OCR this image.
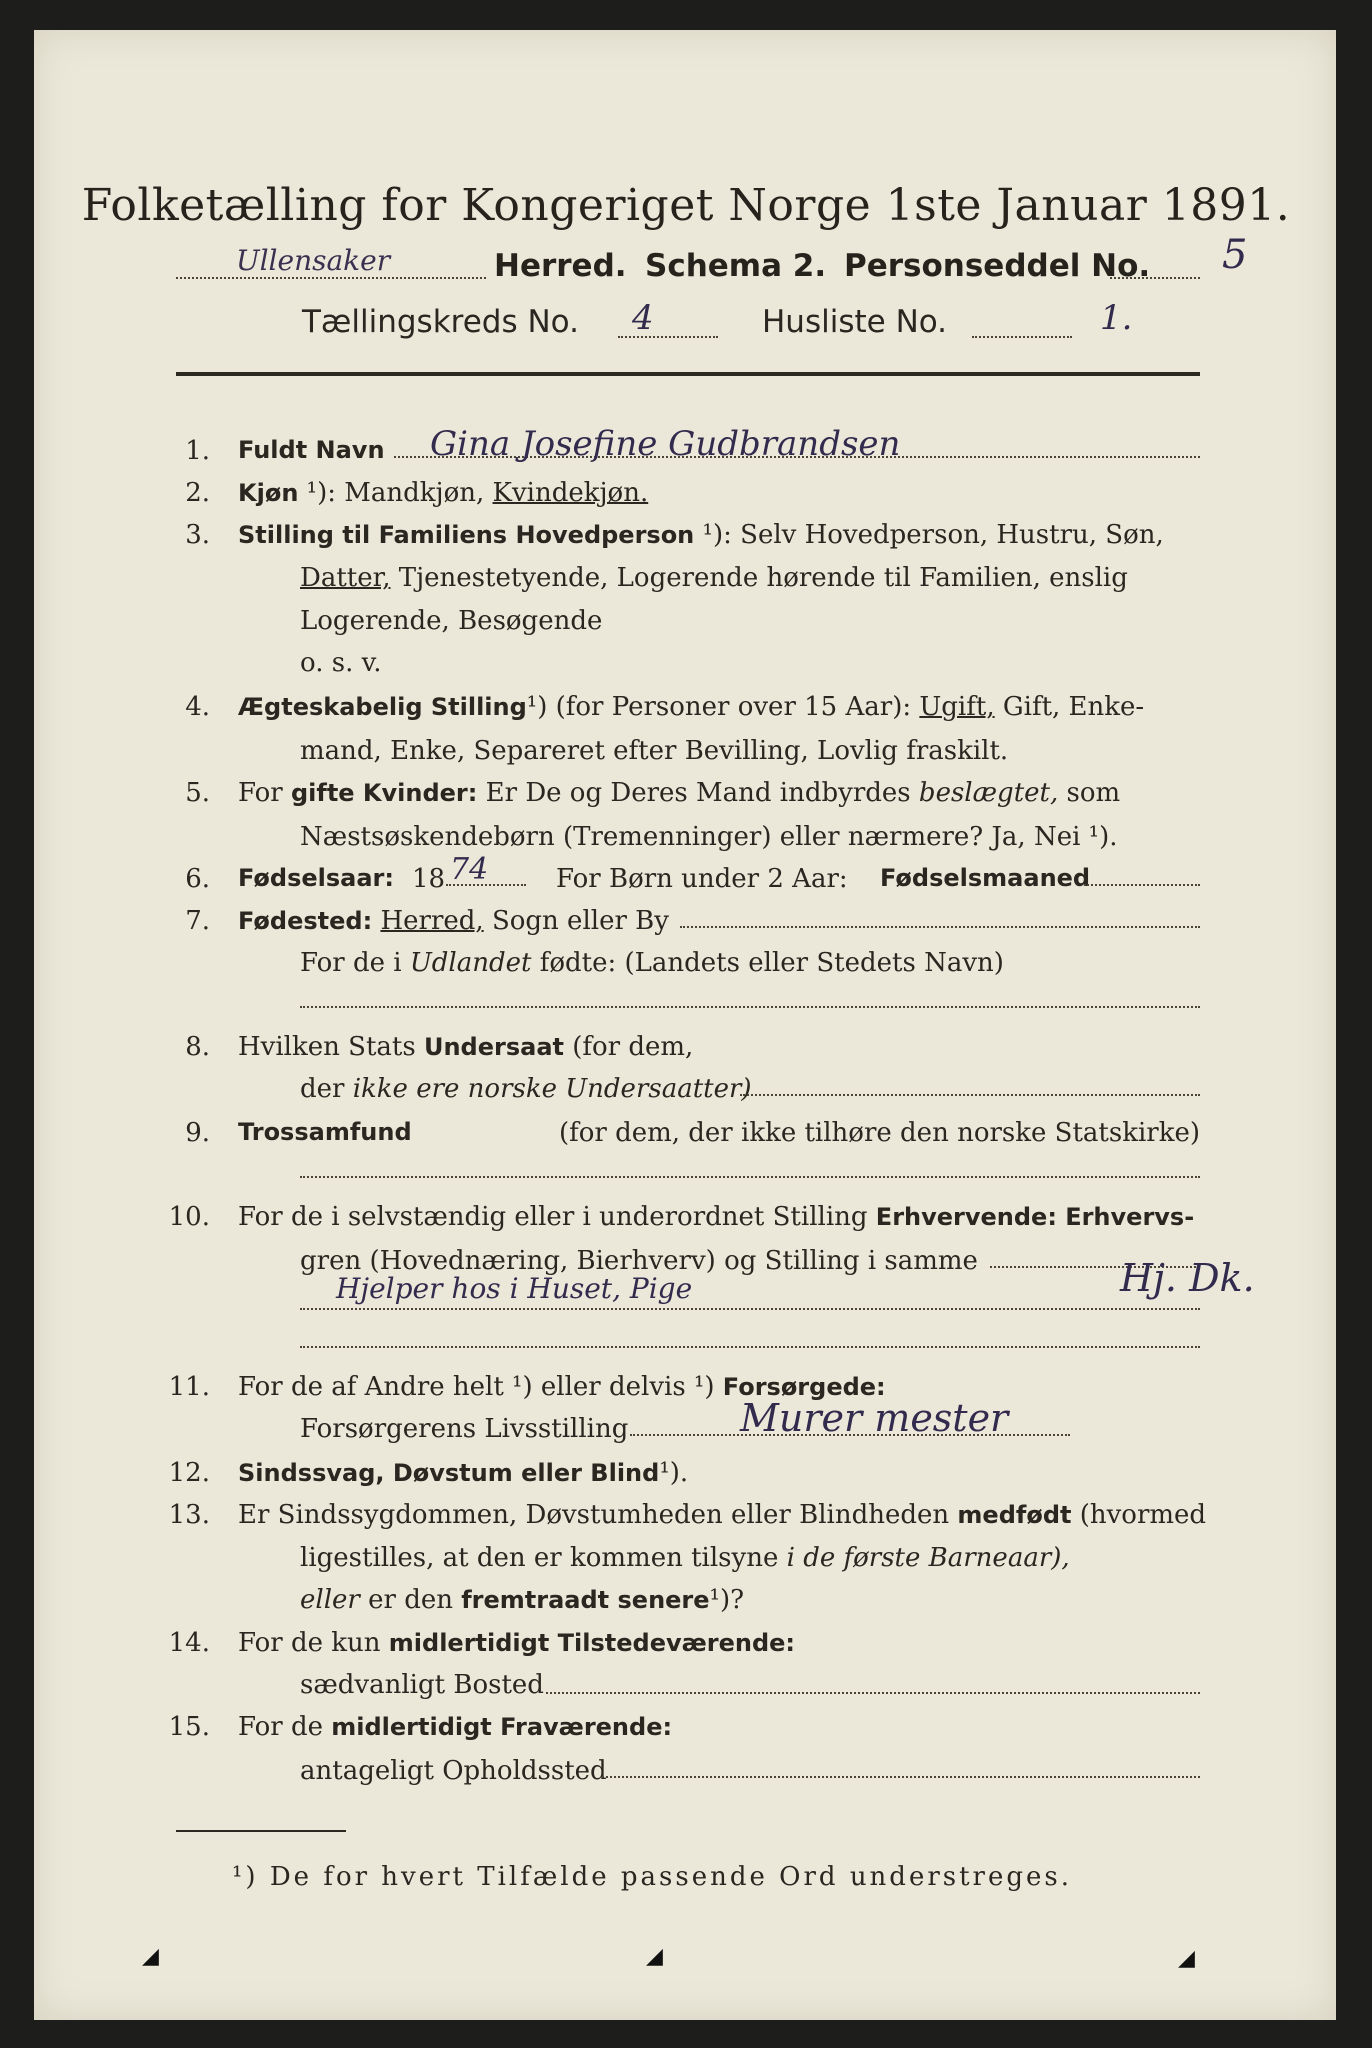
Folketælling for Kongeriget Norge 1ste Januar 1891.
Ullensaker	Herred. Schema 2. Personseddel No. 5
Tællingskreds No. 4	Husliste No.	1.
1. Fuldt Navn Gina Josefine Gudbrandsen
2. Kjøn ¹): Mandkjøn, Kvindekjøn.
3. Stilling til Familiens Hovedperson ¹): Selv Hovedperson, Hustru, Søn,
Datter, Tjenestetyende, Logerende hørende til Familien, enslig
Logerende, Besøgende
o. s. v.
4. Ægteskabelig Stilling¹) (for Personer over 15 Aar): Ugift, Gift, Enke-
mand, Enke, Separeret efter Bevilling, Lovlig fraskilt.
5. For gifte Kvinder: Er De og Deres Mand indbyrdes beslægtet, som
Næstsøskendebørn (Tremenninger) eller nærmere? Ja, Nei ¹).
6. Fødselsaar: 18 74	For Børn under 2 Aar: Fødselsmaaned
7. Fødested: Herred, Sogn eller By
For de i Udlandet fødte: (Landets eller Stedets Navn)
8. Hvilken Stats Undersaat (for dem,
der ikke ere norske Undersaatter)
9. Trossamfund	(for dem, der ikke tilhøre den norske Statskirke)
10. For de i selvstændig eller i underordnet Stilling Erhvervende: Erhvervs-
gren (Hovednæring, Bierhverv) og Stilling i samme
Hjelper hos i Huset, Pige	Hj. Dk.
11. For de af Andre helt ¹) eller delvis ¹) Forsørgede:
Forsørgerens Livsstilling	Murer mester
12. Sindssvag, Døvstum eller Blind¹).
13. Er Sindssygdommen, Døvstumheden eller Blindheden medfødt (hvormed
ligestilles, at den er kommen tilsyne i de første Barneaar),
eller er den fremtraadt senere¹)?
14. For de kun midlertidigt Tilstedeværende:
sædvanligt Bosted
15. For de midlertidigt Fraværende:
antageligt Opholdssted
¹) De for hvert Tilfælde passende Ord understreges.
◢	◢	◢
